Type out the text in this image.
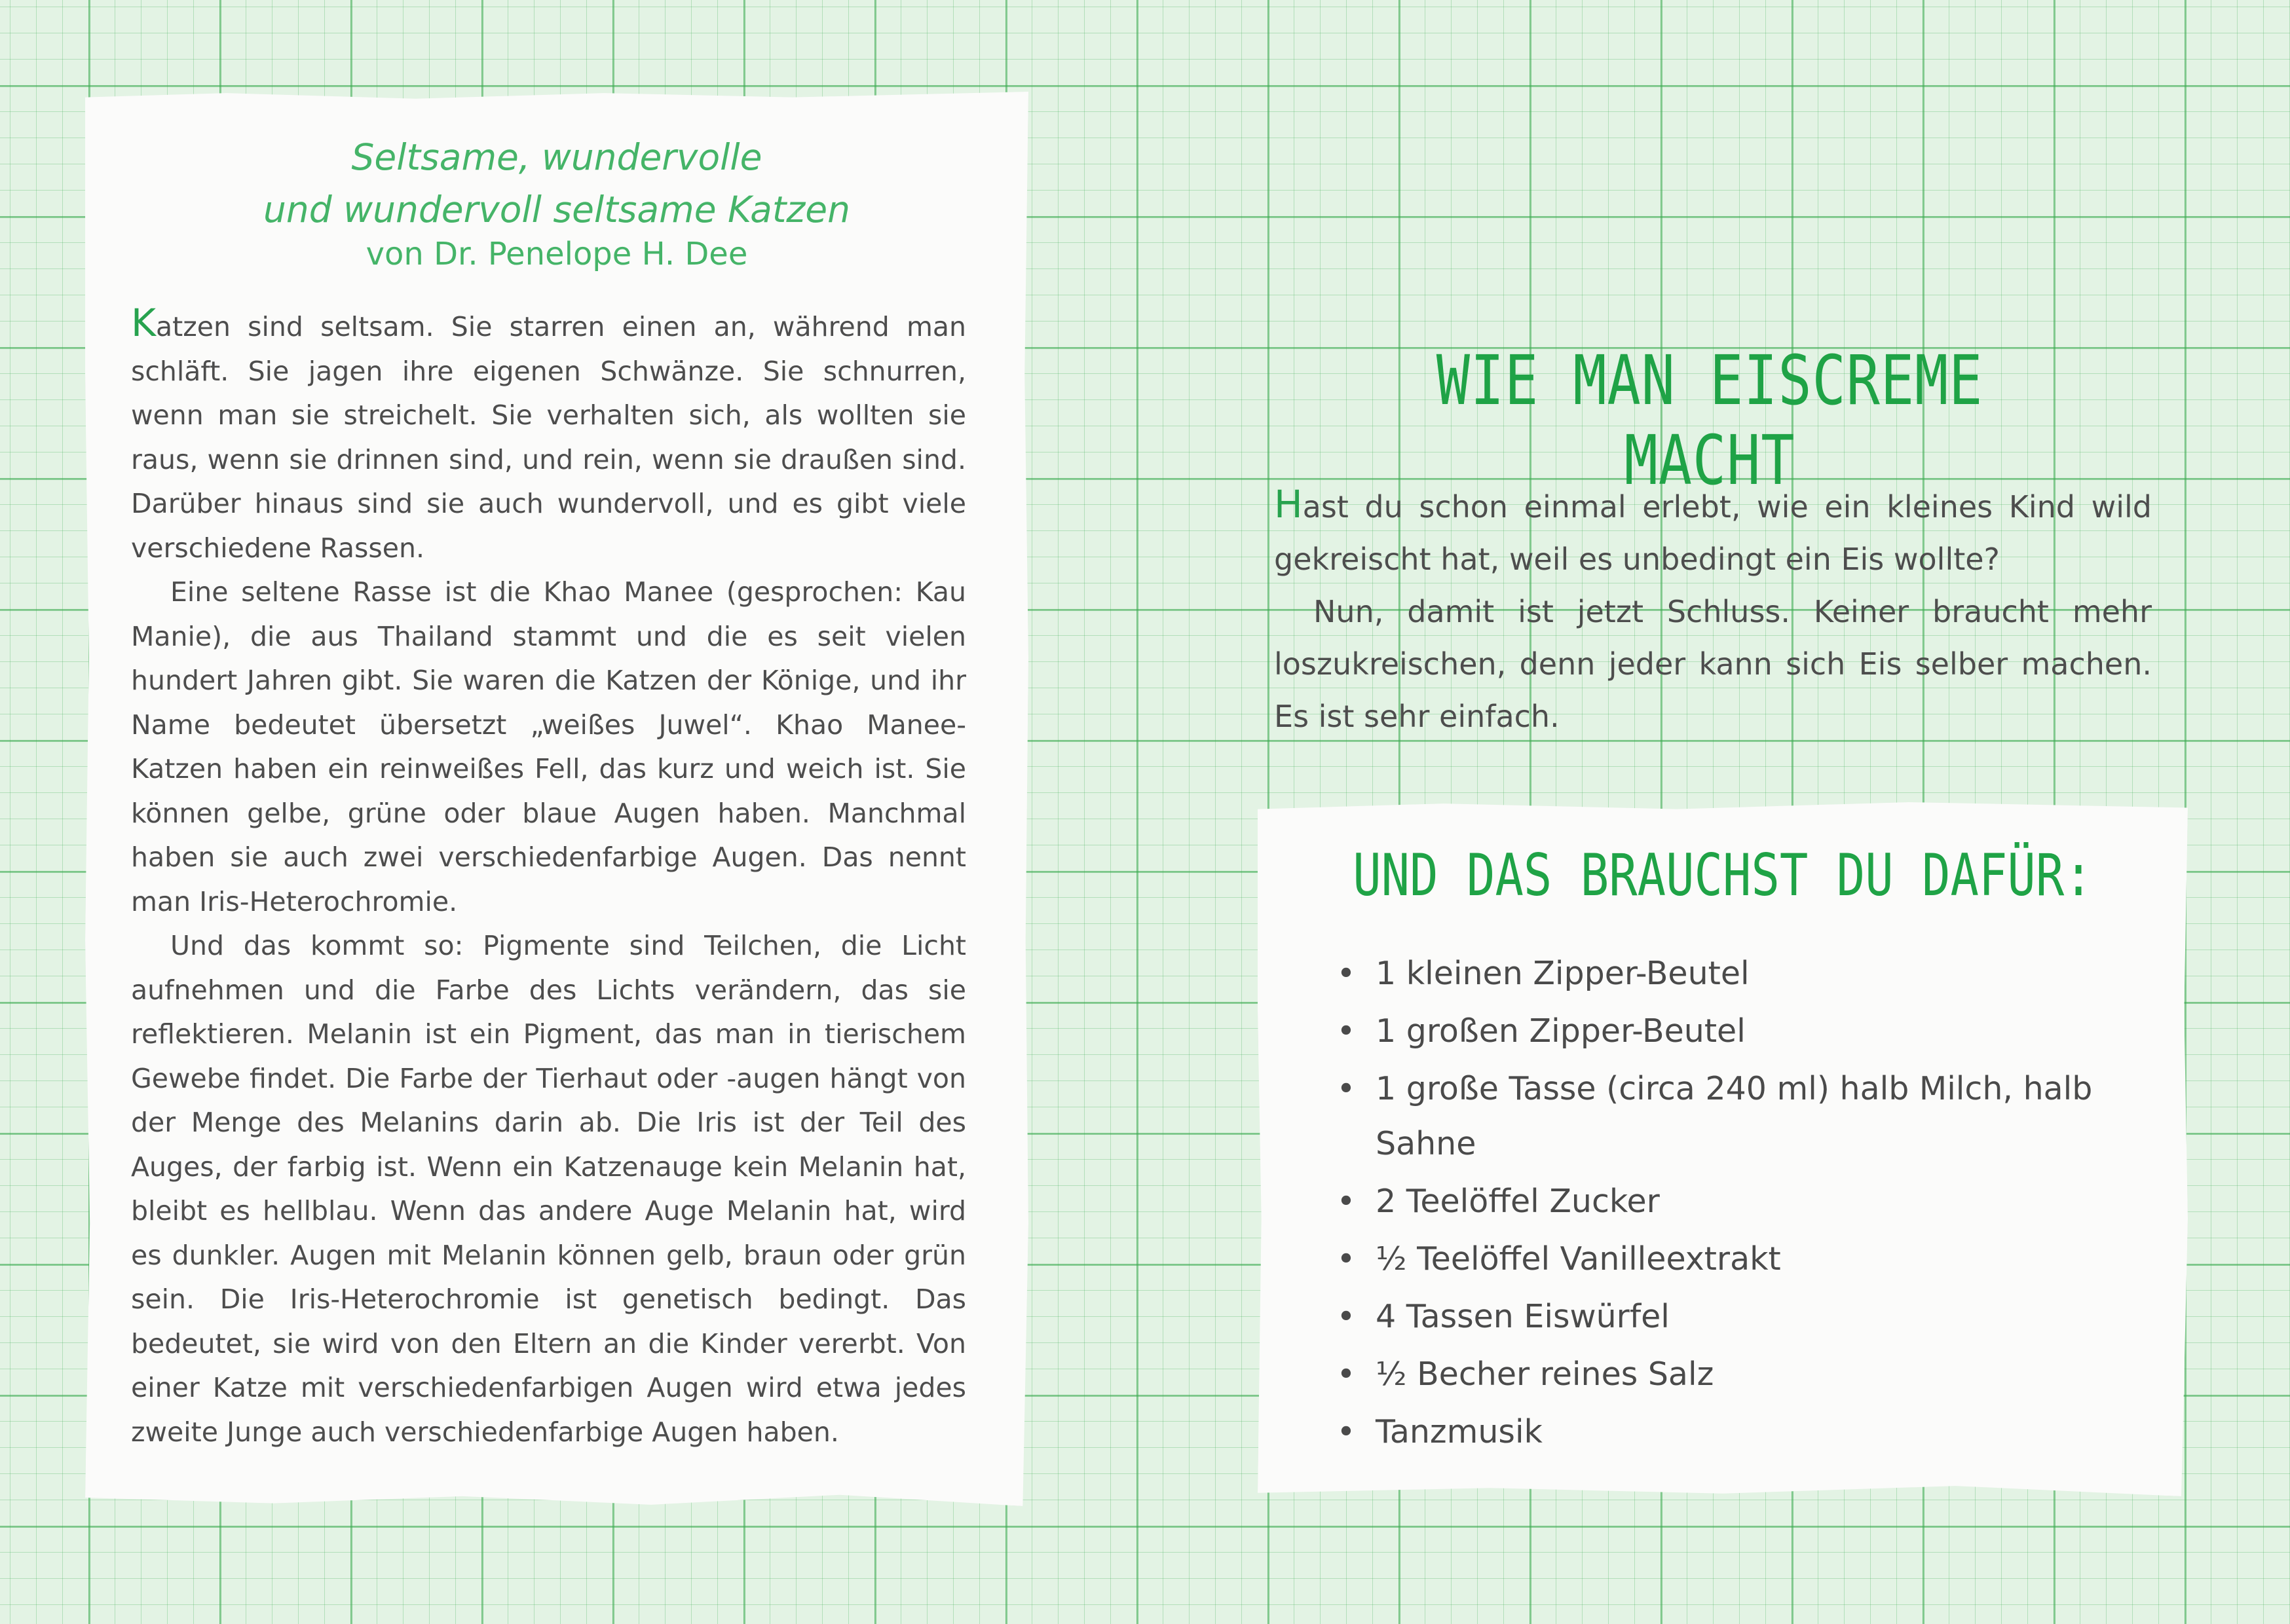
Seltsame, wundervolle
und wundervoll seltsame Katzen
von Dr. Penelope H. Dee

Katzen sind seltsam. Sie starren einen an, während man schläft. Sie jagen ihre eigenen Schwänze. Sie schnurren, wenn man sie streichelt. Sie verhalten sich, als wollten sie raus, wenn sie drinnen sind, und rein, wenn sie draußen sind. Darüber hinaus sind sie auch wundervoll, und es gibt viele verschiedene Rassen.

Eine seltene Rasse ist die Khao Manee (gesprochen: Kau Manie), die aus Thailand stammt und die es seit vielen hundert Jahren gibt. Sie waren die Katzen der Könige, und ihr Name bedeutet übersetzt „weißes Juwel“. Khao Manee-Katzen haben ein reinweißes Fell, das kurz und weich ist. Sie können gelbe, grüne oder blaue Augen haben. Manchmal haben sie auch zwei verschiedenfarbige Augen. Das nennt man Iris-Heterochromie.

Und das kommt so: Pigmente sind Teilchen, die Licht aufnehmen und die Farbe des Lichts verändern, das sie reflektieren. Melanin ist ein Pigment, das man in tierischem Gewebe findet. Die Farbe der Tierhaut oder -augen hängt von der Menge des Melanins darin ab. Die Iris ist der Teil des Auges, der farbig ist. Wenn ein Katzenauge kein Melanin hat, bleibt es hellblau. Wenn das andere Auge Melanin hat, wird es dunkler. Augen mit Melanin können gelb, braun oder grün sein. Die Iris-Heterochromie ist genetisch bedingt. Das bedeutet, sie wird von den Eltern an die Kinder vererbt. Von einer Katze mit verschiedenfarbigen Augen wird etwa jedes zweite Junge auch verschiedenfarbige Augen haben.

WIE MAN EISCREME MACHT

Hast du schon einmal erlebt, wie ein kleines Kind wild gekreischt hat, weil es unbedingt ein Eis wollte?

Nun, damit ist jetzt Schluss. Keiner braucht mehr loszukreischen, denn jeder kann sich Eis selber machen. Es ist sehr einfach.

UND DAS BRAUCHST DU DAFÜR:
• 1 kleinen Zipper-Beutel
• 1 großen Zipper-Beutel
• 1 große Tasse (circa 240 ml) halb Milch, halb Sahne
• 2 Teelöffel Zucker
• ½ Teelöffel Vanilleextrakt
• 4 Tassen Eiswürfel
• ½ Becher reines Salz
• Tanzmusik
